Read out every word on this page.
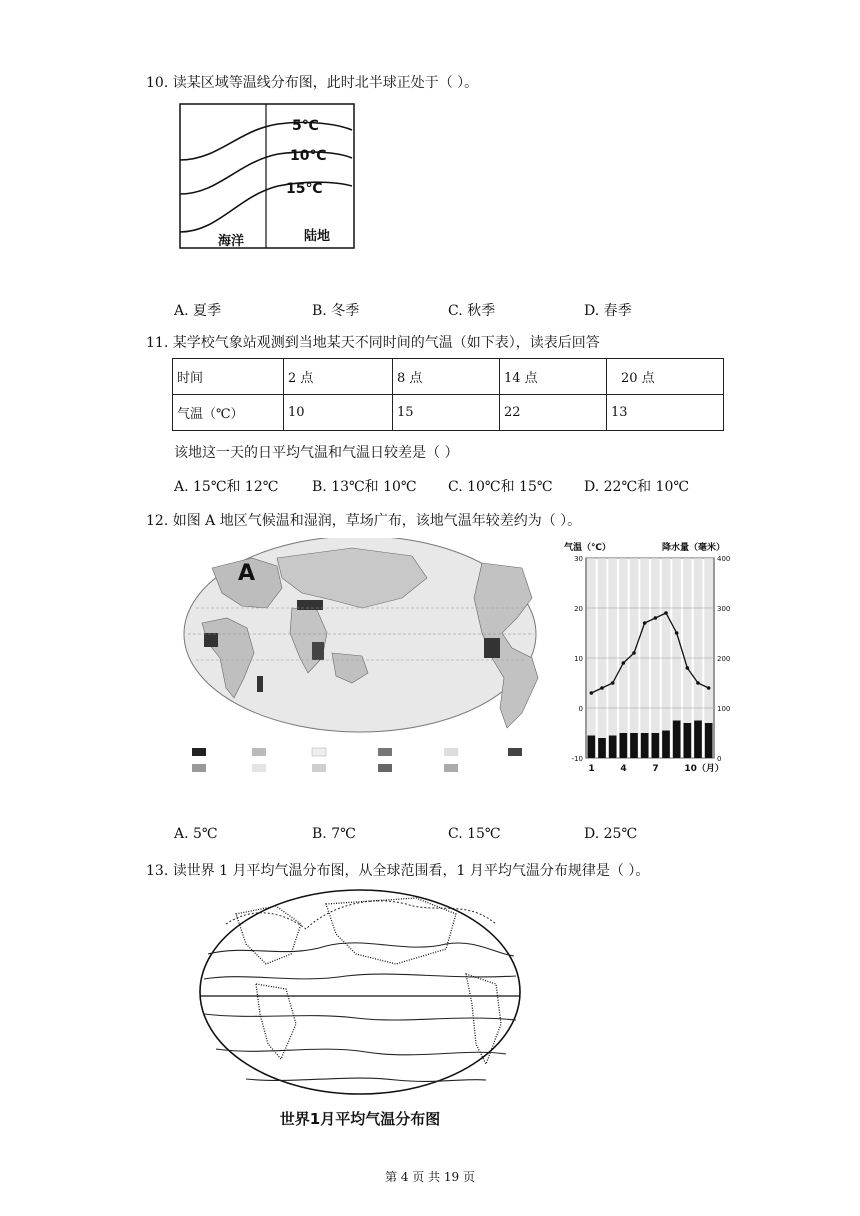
10. 读某区域等温线分布图，此时北半球正处于（ ）。
5℃
10℃
15℃
海洋	陆地
A. 夏季	B. 冬季	C. 秋季	D. 春季
11. 某学校气象站观测到当地某天不同时间的气温（如下表），读表后回答
时间	2 点	8 点	14 点	20 点
气温（℃）	10	15	22	13
该地这一天的日平均气温和气温日较差是（ ）
A. 15℃和 12℃ B. 13℃和 10℃ C. 10℃和 15℃ D. 22℃和 10℃
12. 如图 A 地区气候温和湿润，草场广布，该地气温年较差约为（ ）。
A
气温（℃）	降水量（毫米）
30
20
10
0
-10
400
300
200
100
0
1	4	7	10（月）
A. 5℃	B. 7℃	C. 15℃	D. 25℃
13. 读世界 1 月平均气温分布图，从全球范围看，1 月平均气温分布规律是（ ）。
世界1月平均气温分布图
第 4 页 共 19 页
